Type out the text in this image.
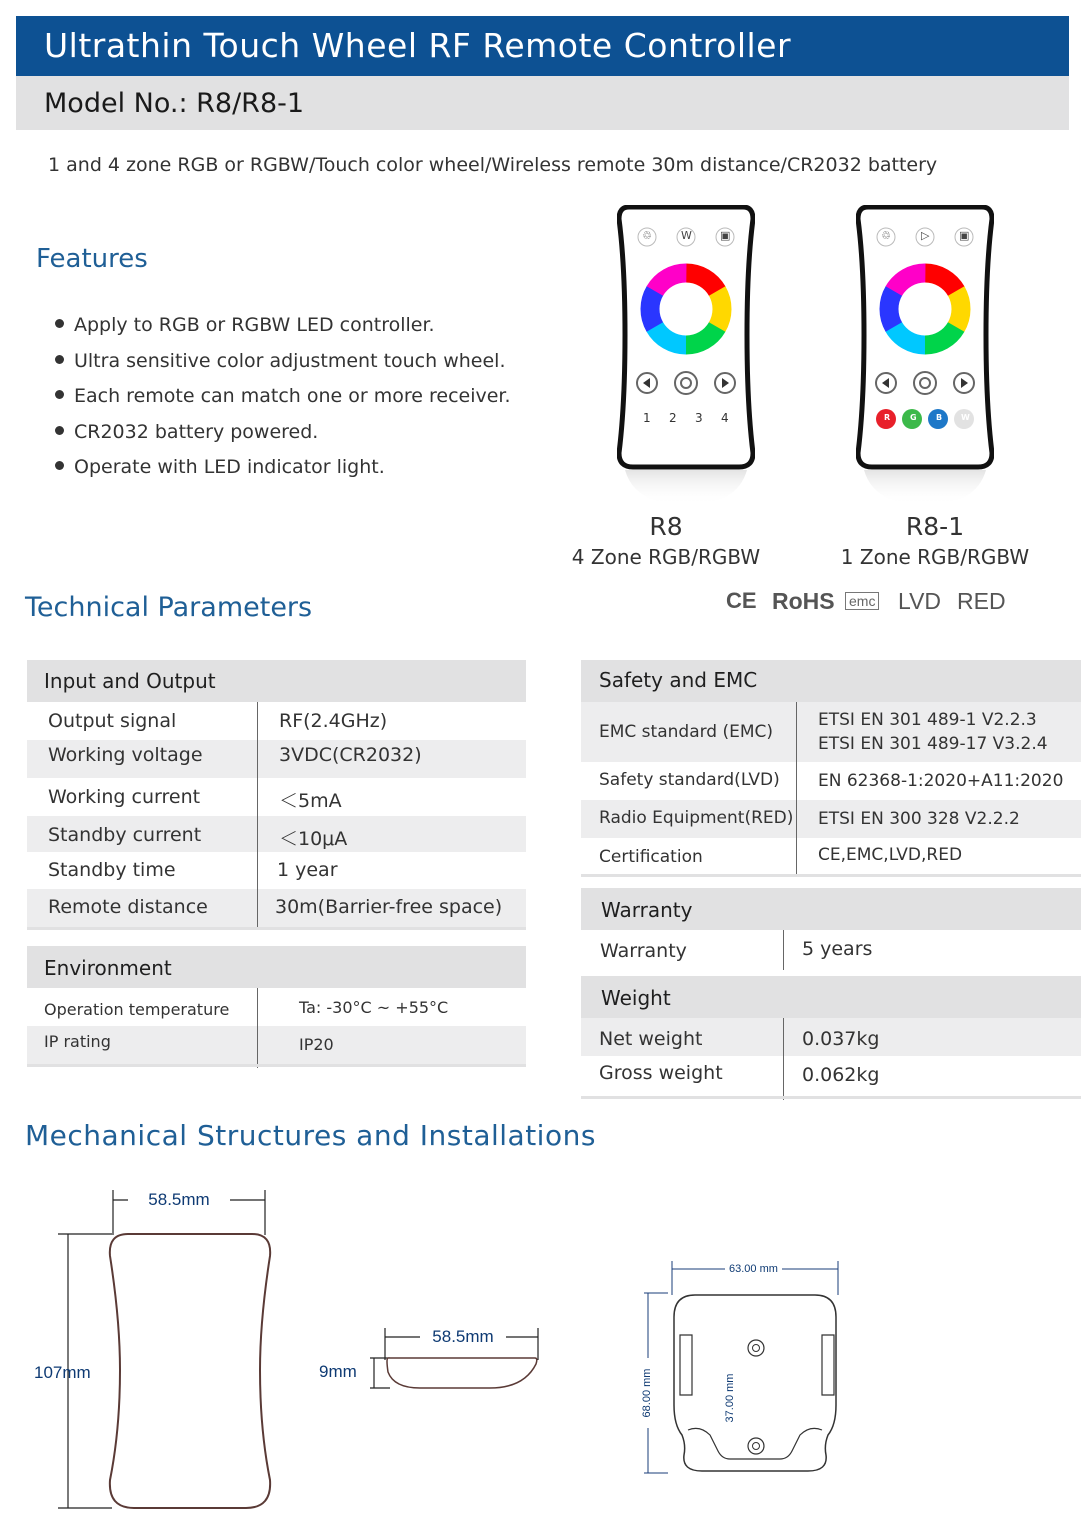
Ultrathin Touch Wheel RF Remote Controller
Model No.: R8/R8-1
1 and 4 zone RGB or RGBW/Touch color wheel/Wireless remote 30m distance/CR2032 battery
Features
Apply to RGB or RGBW LED controller.
Ultra sensitive color adjustment touch wheel.
Each remote can match one or more receiver.
CR2032 battery powered.
Operate with LED indicator light.
♲	W	▣
1 2 3 4
♲	▷	▣
R G B W
R8
4 Zone RGB/RGBW
R8-1
1 Zone RGB/RGBW
CE RoHS emc LVD RED
Technical Parameters
Input and Output
Output signal	RF(2.4GHz)
Working voltage	3VDC(CR2032)
Working current	＜5mA
Standby current	＜10μA
Standby time	1 year
Remote distance	30m(Barrier-free space)
Environment
Operation temperature	Ta: -30°C ~ +55°C
IP rating	IP20
Safety and EMC
EMC standard (EMC)
ETSI EN 301 489-1 V2.2.3
ETSI EN 301 489-17 V3.2.4
Safety standard(LVD) EN 62368-1:2020+A11:2020
Radio Equipment(RED) ETSI EN 300 328 V2.2.2
Certification	CE,EMC,LVD,RED
Warranty
Warranty	5 years
Weight
Net weight	0.037kg
Gross weight	0.062kg
Mechanical Structures and Installations
58.5mm
107mm
58.5mm
9mm
63.00 mm
68.00 mm	37.00 mm
